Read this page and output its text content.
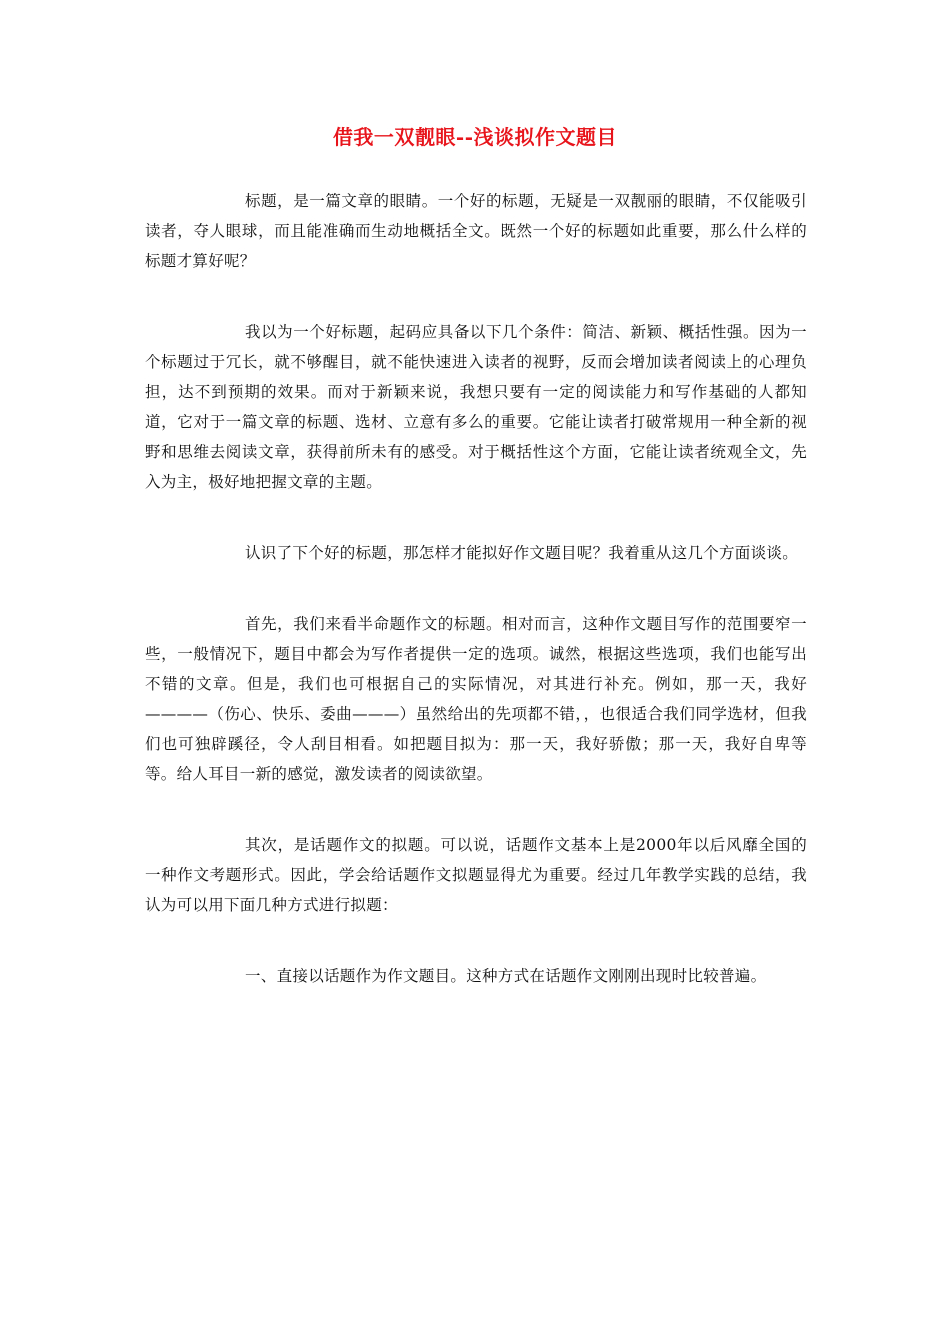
借我一双靓眼--浅谈拟作文题目

标题，是一篇文章的眼睛。一个好的标题，无疑是一双靓丽的眼睛，不仅能吸引读者，夺人眼球，而且能准确而生动地概括全文。既然一个好的标题如此重要，那么什么样的标题才算好呢？

我以为一个好标题，起码应具备以下几个条件：简洁、新颖、概括性强。因为一个标题过于冗长，就不够醒目，就不能快速进入读者的视野，反而会增加读者阅读上的心理负担，达不到预期的效果。而对于新颖来说，我想只要有一定的阅读能力和写作基础的人都知道，它对于一篇文章的标题、选材、立意有多么的重要。它能让读者打破常规用一种全新的视野和思维去阅读文章，获得前所未有的感受。对于概括性这个方面，它能让读者统观全文，先入为主，极好地把握文章的主题。

认识了下个好的标题，那怎样才能拟好作文题目呢？我着重从这几个方面谈谈。

首先，我们来看半命题作文的标题。相对而言，这种作文题目写作的范围要窄一些，一般情况下，题目中都会为写作者提供一定的选项。诚然，根据这些选项，我们也能写出不错的文章。但是，我们也可根据自己的实际情况，对其进行补充。例如，那一天，我好————（伤心、快乐、委曲———）虽然给出的先项都不错，，也很适合我们同学选材，但我们也可独辟蹊径，令人刮目相看。如把题目拟为：那一天，我好骄傲；那一天，我好自卑等等。给人耳目一新的感觉，激发读者的阅读欲望。

其次，是话题作文的拟题。可以说，话题作文基本上是2000年以后风靡全国的一种作文考题形式。因此，学会给话题作文拟题显得尤为重要。经过几年教学实践的总结，我认为可以用下面几种方式进行拟题：

一、直接以话题作为作文题目。这种方式在话题作文刚刚出现时比较普遍。
